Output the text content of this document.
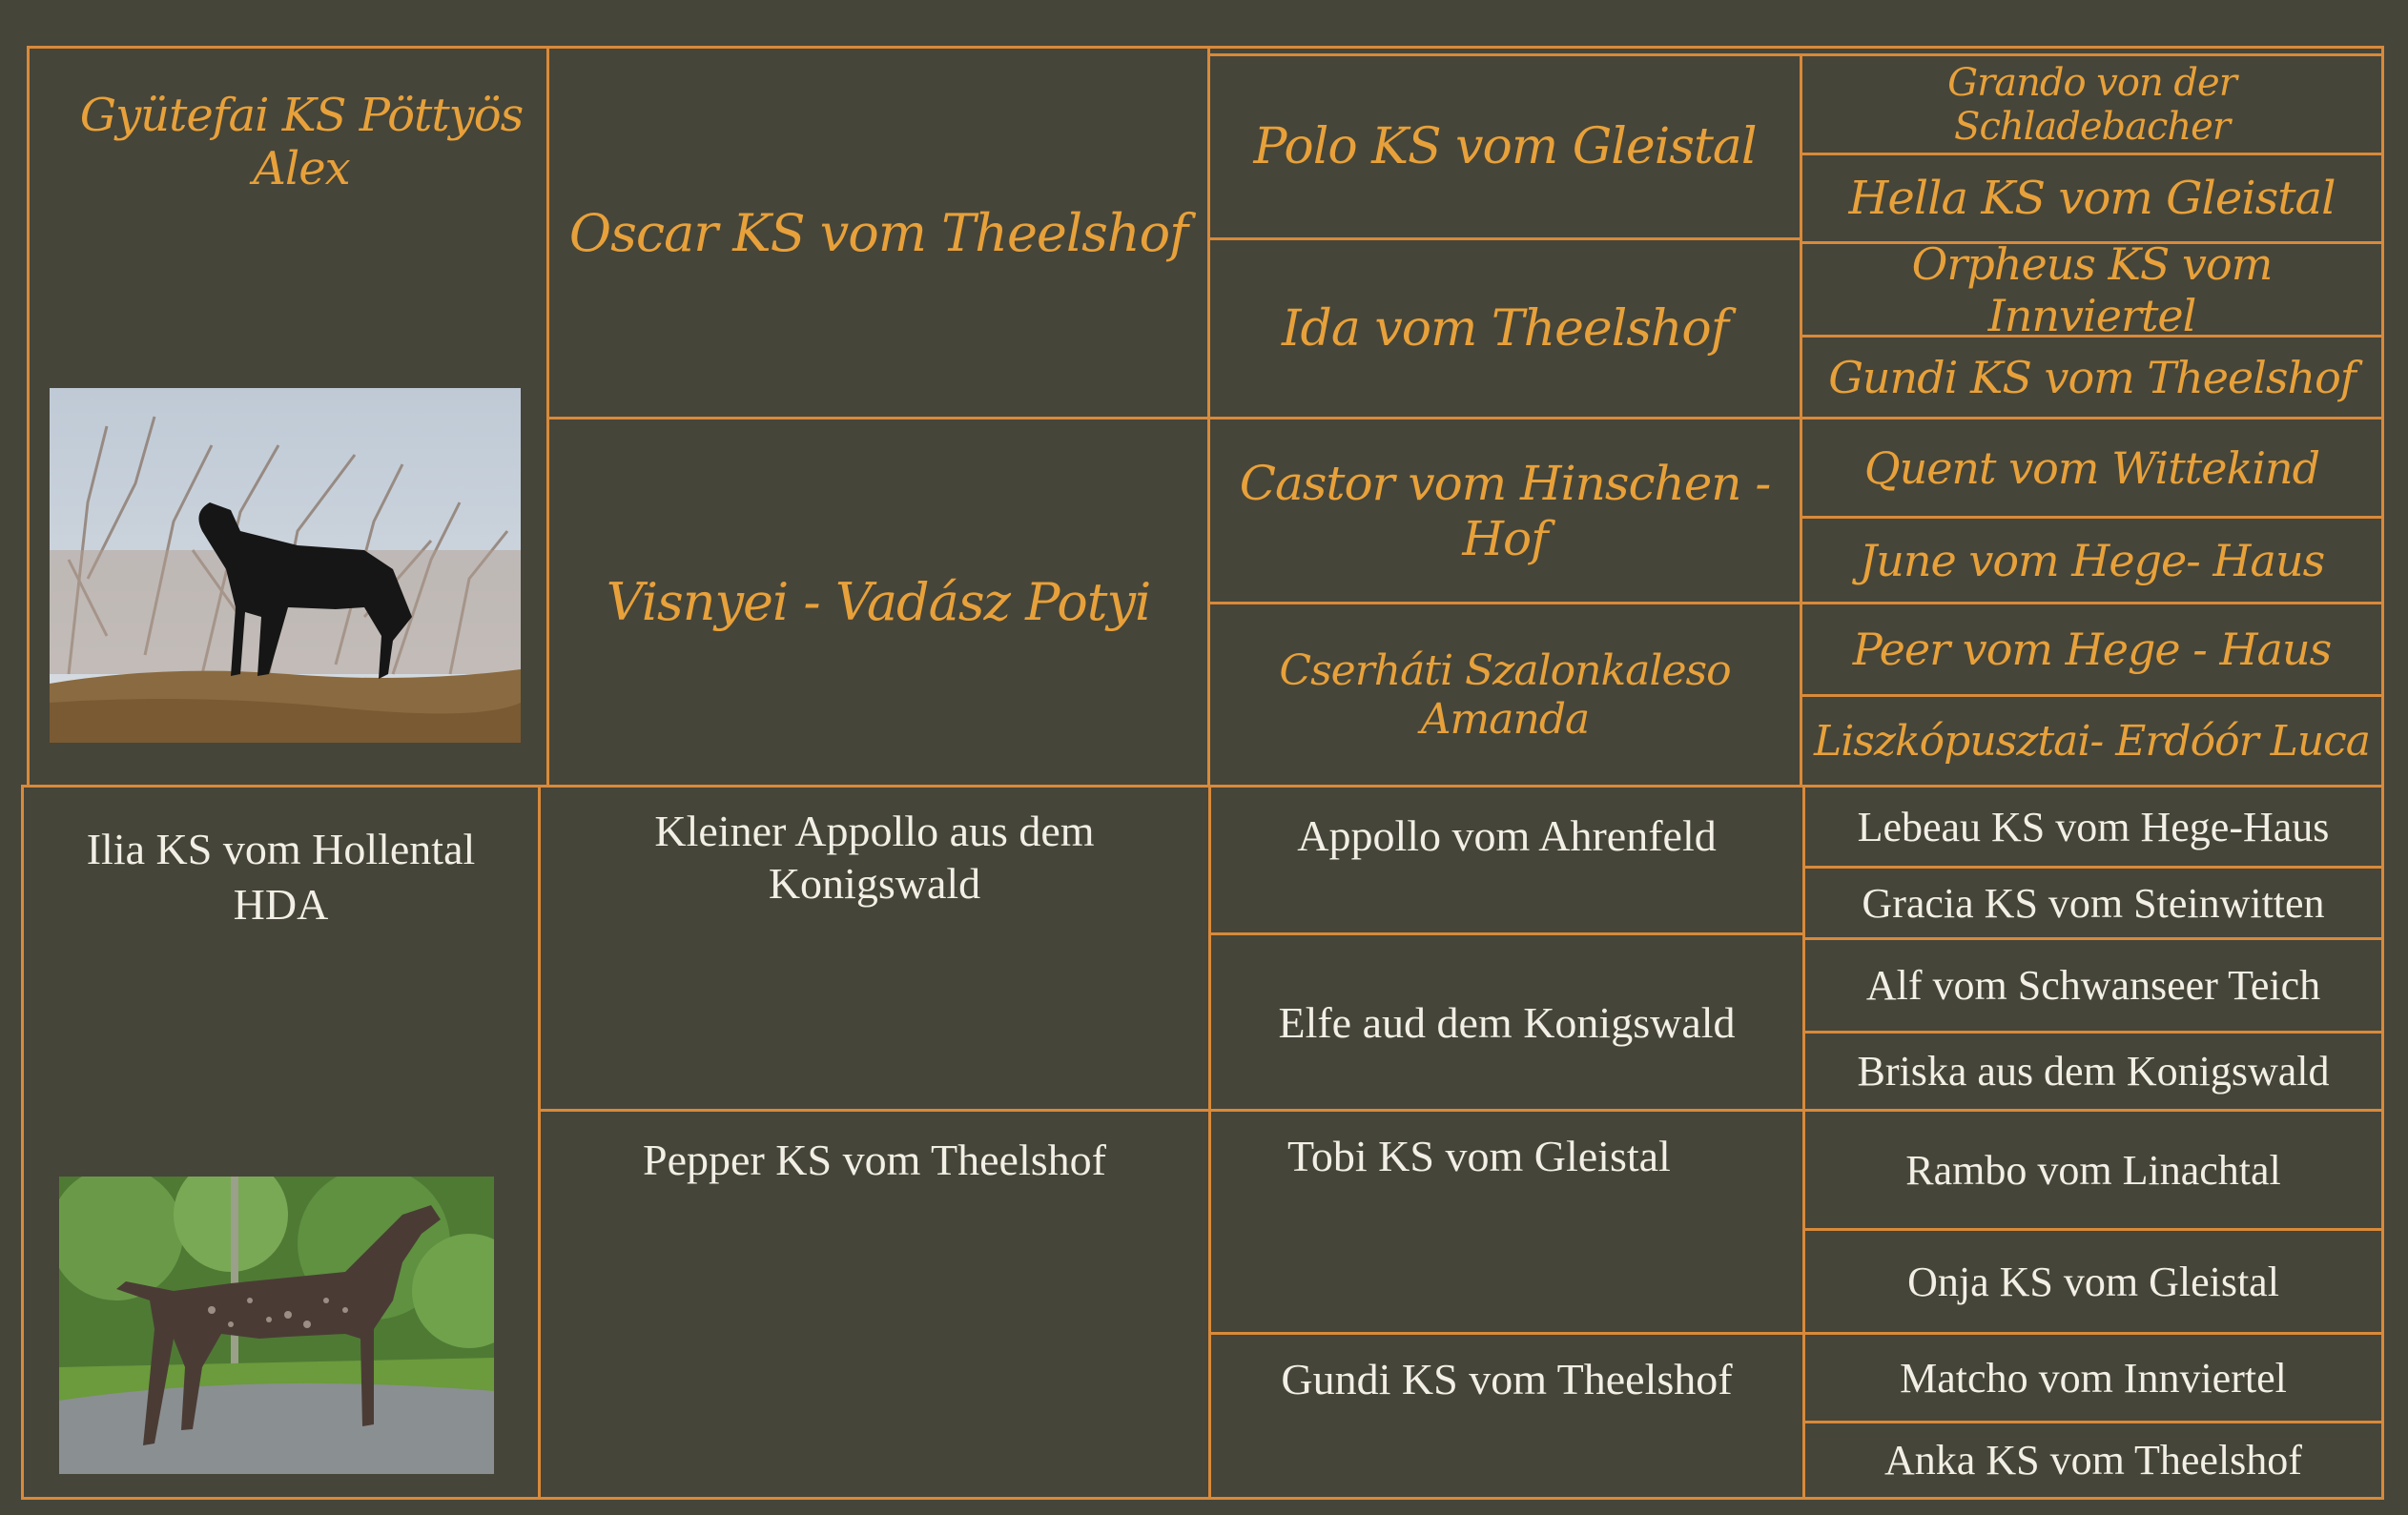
Gyütefai KS Pöttyös Alex
Oscar KS vom Theelshof
Visnyei - Vadász Potyi
Polo KS vom Gleistal
Ida vom Theelshof
Castor vom Hinschen - Hof
Cserháti Szalonkaleso Amanda
Grando von der Schladebacher
Hella KS vom Gleistal
Orpheus KS vom Innviertel
Gundi KS vom Theelshof
Quent vom Wittekind
June vom Hege- Haus
Peer vom Hege - Haus
Liszkópusztai- Erdóór Luca
Ilia KS vom Hollental
HDA
Kleiner Appollo aus dem Konigswald
Pepper KS vom Theelshof
Appollo vom Ahrenfeld
Elfe aud dem Konigswald
Tobi KS vom Gleistal
Gundi KS vom Theelshof
Lebeau KS vom Hege-Haus
Gracia KS vom Steinwitten
Alf vom Schwanseer Teich
Briska aus dem Konigswald
Rambo vom Linachtal
Onja KS vom Gleistal
Matcho vom Innviertel
Anka KS vom Theelshof
